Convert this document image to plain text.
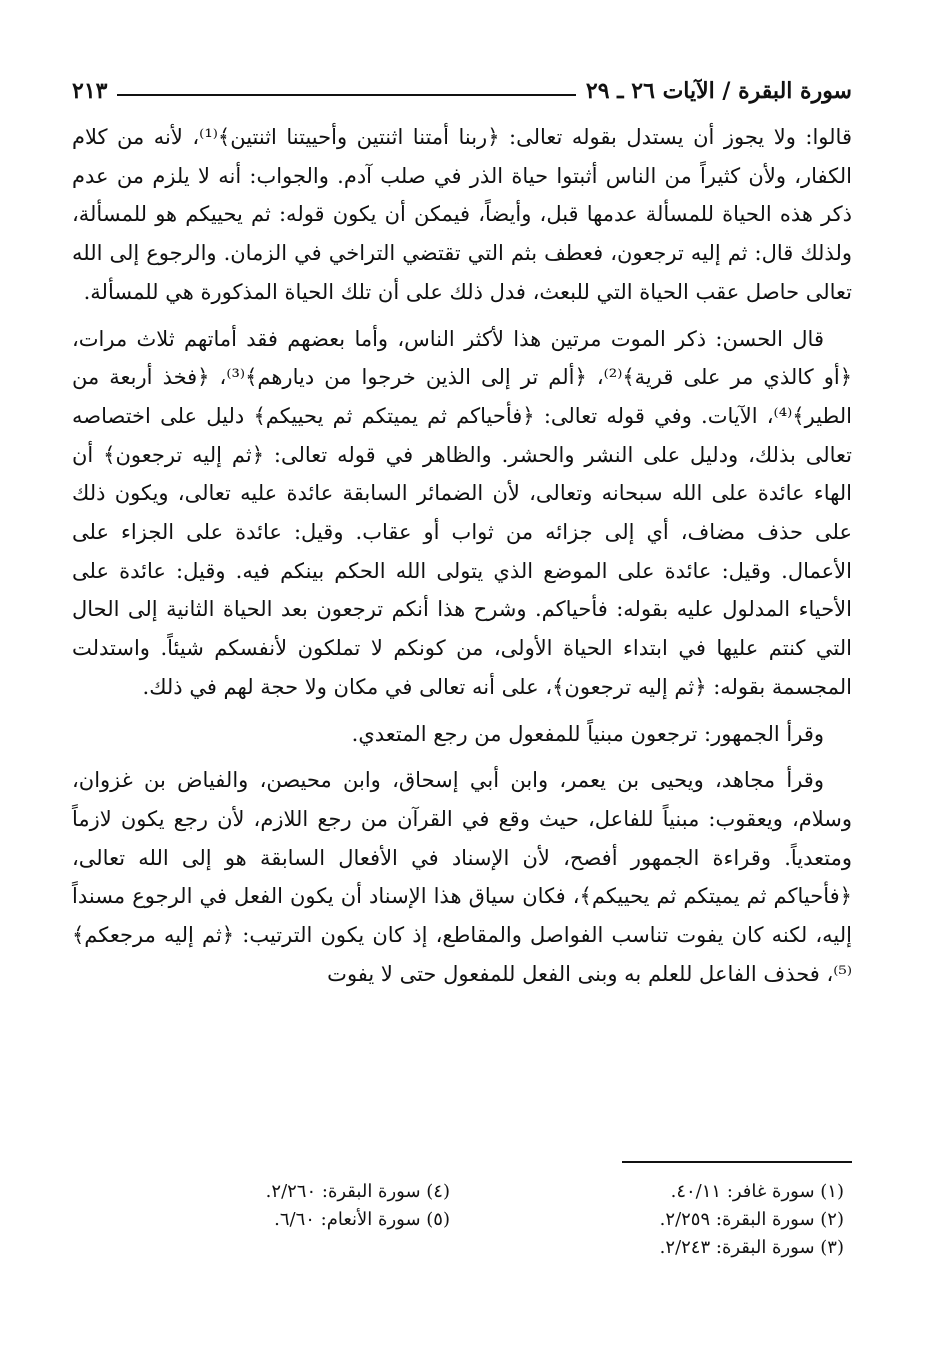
سورة البقرة / الآيات ٢٦ ـ ٢٩
٢١٣

قالوا: ولا يجوز أن يستدل بقوله تعالى: ﴿ربنا أمتنا اثنتين وأحييتنا اثنتين﴾⁽¹⁾، لأنه من كلام الكفار، ولأن كثيراً من الناس أثبتوا حياة الذر في صلب آدم. والجواب: أنه لا يلزم من عدم ذكر هذه الحياة للمسألة عدمها قبل، وأيضاً، فيمكن أن يكون قوله: ثم يحييكم هو للمسألة، ولذلك قال: ثم إليه ترجعون، فعطف بثم التي تقتضي التراخي في الزمان. والرجوع إلى الله تعالى حاصل عقب الحياة التي للبعث، فدل ذلك على أن تلك الحياة المذكورة هي للمسألة.

قال الحسن: ذكر الموت مرتين هذا لأكثر الناس، وأما بعضهم فقد أماتهم ثلاث مرات، ﴿أو كالذي مر على قرية﴾⁽²⁾، ﴿ألم تر إلى الذين خرجوا من ديارهم﴾⁽³⁾، ﴿فخذ أربعة من الطير﴾⁽⁴⁾، الآيات. وفي قوله تعالى: ﴿فأحياكم ثم يميتكم ثم يحييكم﴾ دليل على اختصاصه تعالى بذلك، ودليل على النشر والحشر. والظاهر في قوله تعالى: ﴿ثم إليه ترجعون﴾ أن الهاء عائدة على الله سبحانه وتعالى، لأن الضمائر السابقة عائدة عليه تعالى، ويكون ذلك على حذف مضاف، أي إلى جزائه من ثواب أو عقاب. وقيل: عائدة على الجزاء على الأعمال. وقيل: عائدة على الموضع الذي يتولى الله الحكم بينكم فيه. وقيل: عائدة على الأحياء المدلول عليه بقوله: فأحياكم. وشرح هذا أنكم ترجعون بعد الحياة الثانية إلى الحال التي كنتم عليها في ابتداء الحياة الأولى، من كونكم لا تملكون لأنفسكم شيئاً. واستدلت المجسمة بقوله: ﴿ثم إليه ترجعون﴾، على أنه تعالى في مكان ولا حجة لهم في ذلك.

وقرأ الجمهور: ترجعون مبنياً للمفعول من رجع المتعدي.

وقرأ مجاهد، ويحيى بن يعمر، وابن أبي إسحاق، وابن محيصن، والفياض بن غزوان، وسلام، ويعقوب: مبنياً للفاعل، حيث وقع في القرآن من رجع اللازم، لأن رجع يكون لازماً ومتعدياً. وقراءة الجمهور أفصح، لأن الإسناد في الأفعال السابقة هو إلى الله تعالى، ﴿فأحياكم ثم يميتكم ثم يحييكم﴾، فكان سياق هذا الإسناد أن يكون الفعل في الرجوع مسنداً إليه، لكنه كان يفوت تناسب الفواصل والمقاطع، إذ كان يكون الترتيب: ﴿ثم إليه مرجعكم﴾⁽⁵⁾، فحذف الفاعل للعلم به وبنى الفعل للمفعول حتى لا يفوت

(١) سورة غافر: ٤٠/١١.
(٢) سورة البقرة: ٢/٢٥٩.
(٣) سورة البقرة: ٢/٢٤٣.
(٤) سورة البقرة: ٢/٢٦٠.
(٥) سورة الأنعام: ٦/٦٠.
